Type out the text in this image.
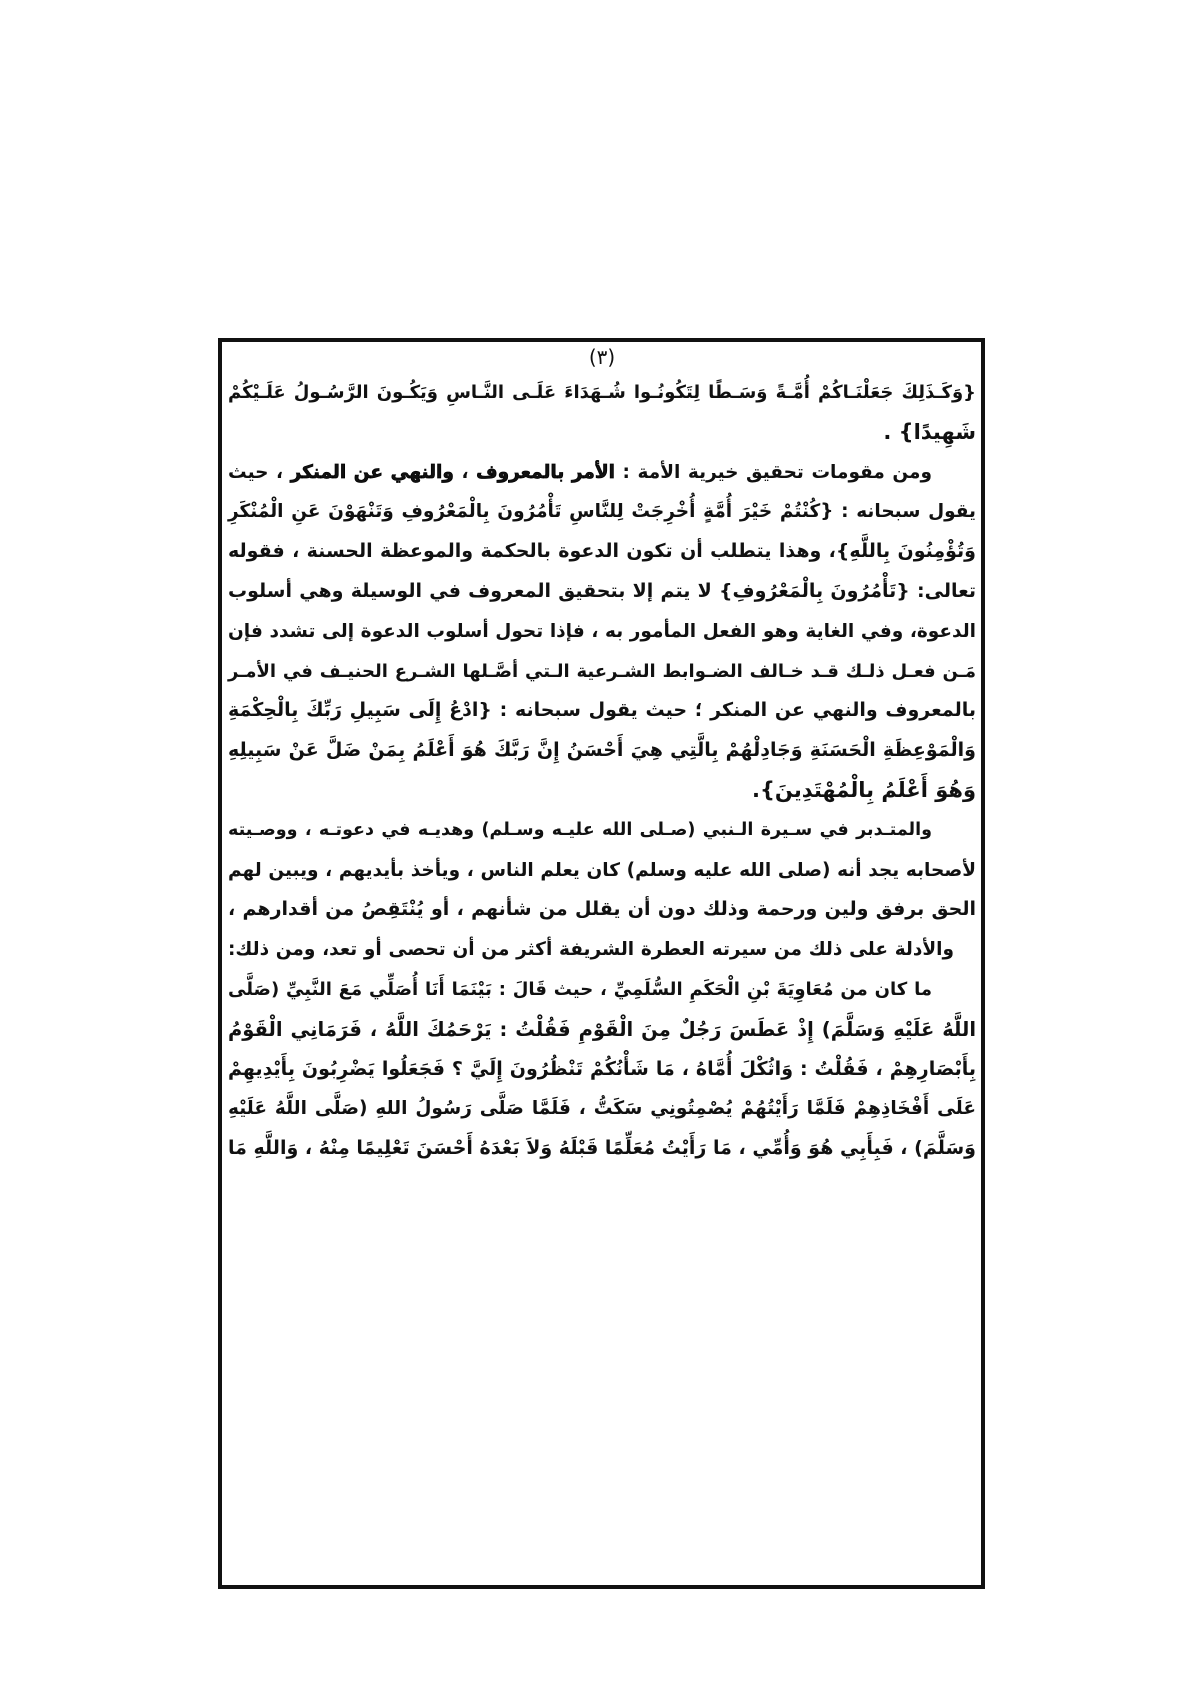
(٣)
{وَكَـذَلِكَ جَعَلْنَـاكُمْ أُمَّـةً وَسَـطًا لِتَكُونُـوا شُـهَدَاءَ عَلَـى النَّـاسِ وَيَكُـونَ الرَّسُـولُ عَلَـيْكُمْ
شَهِيدًا} .
ومن مقومات تحقيق خيرية الأمة : الأمر بالمعروف ، والنهي عن المنكر ، حيث
يقول سبحانه : {كُنْتُمْ خَيْرَ أُمَّةٍ أُخْرِجَتْ لِلنَّاسِ تَأْمُرُونَ بِالْمَعْرُوفِ وَتَنْهَوْنَ عَنِ الْمُنْكَرِ
وَتُؤْمِنُونَ بِاللَّهِ}، وهذا يتطلب أن تكون الدعوة بالحكمة والموعظة الحسنة ، فقوله
تعالى: {تَأْمُرُونَ بِالْمَعْرُوفِ} لا يتم إلا بتحقيق المعروف في الوسيلة وهي أسلوب
الدعوة، وفي الغاية وهو الفعل المأمور به ، فإذا تحول أسلوب الدعوة إلى تشدد فإن
مَـن فعـل ذلـك قـد خـالف الضـوابط الشـرعية الـتي أصَّـلها الشـرع الحنيـف في الأمـر
بالمعروف والنهي عن المنكر ؛ حيث يقول سبحانه : {ادْعُ إِلَى سَبِيلِ رَبِّكَ بِالْحِكْمَةِ
وَالْمَوْعِظَةِ الْحَسَنَةِ وَجَادِلْهُمْ بِالَّتِي هِيَ أَحْسَنُ إِنَّ رَبَّكَ هُوَ أَعْلَمُ بِمَنْ ضَلَّ عَنْ سَبِيلِهِ
وَهُوَ أَعْلَمُ بِالْمُهْتَدِينَ}.
والمتـدبر في سـيرة الـنبي (صـلى الله عليـه وسـلم) وهديـه في دعوتـه ، ووصـيته
لأصحابه يجد أنه (صلى الله عليه وسلم) كان يعلم الناس ، ويأخذ بأيديهم ، ويبين لهم
الحق برفق ولين ورحمة وذلك دون أن يقلل من شأنهم ، أو يُنْتَقِصُ من أقدارهم ،
والأدلة على ذلك من سيرته العطرة الشريفة أكثر من أن تحصى أو تعد، ومن ذلك:
ما كان من مُعَاوِيَةَ بْنِ الْحَكَمِ السُّلَمِيِّ ، حيث قَالَ : بَيْنَمَا أَنَا أُصَلِّي مَعَ النَّبِيِّ (صَلَّى
اللَّهُ عَلَيْهِ وَسَلَّمَ) إِذْ عَطَسَ رَجُلٌ مِنَ الْقَوْمِ فَقُلْتُ : يَرْحَمُكَ اللَّهُ ، فَرَمَانِي الْقَوْمُ
بِأَبْصَارِهِمْ ، فَقُلْتُ : وَاثُكْلَ أُمَّاهُ ، مَا شَأْنُكُمْ تَنْظُرُونَ إِلَيَّ ؟ فَجَعَلُوا يَضْرِبُونَ بِأَيْدِيهِمْ
عَلَى أَفْخَاذِهِمْ فَلَمَّا رَأَيْتُهُمْ يُصْمِتُونِي سَكَتُّ ، فَلَمَّا صَلَّى رَسُولُ اللهِ (صَلَّى اللَّهُ عَلَيْهِ
وَسَلَّمَ) ، فَبِأَبِي هُوَ وَأُمِّي ، مَا رَأَيْتُ مُعَلِّمًا قَبْلَهُ وَلاَ بَعْدَهُ أَحْسَنَ تَعْلِيمًا مِنْهُ ، وَاللَّهِ مَا
